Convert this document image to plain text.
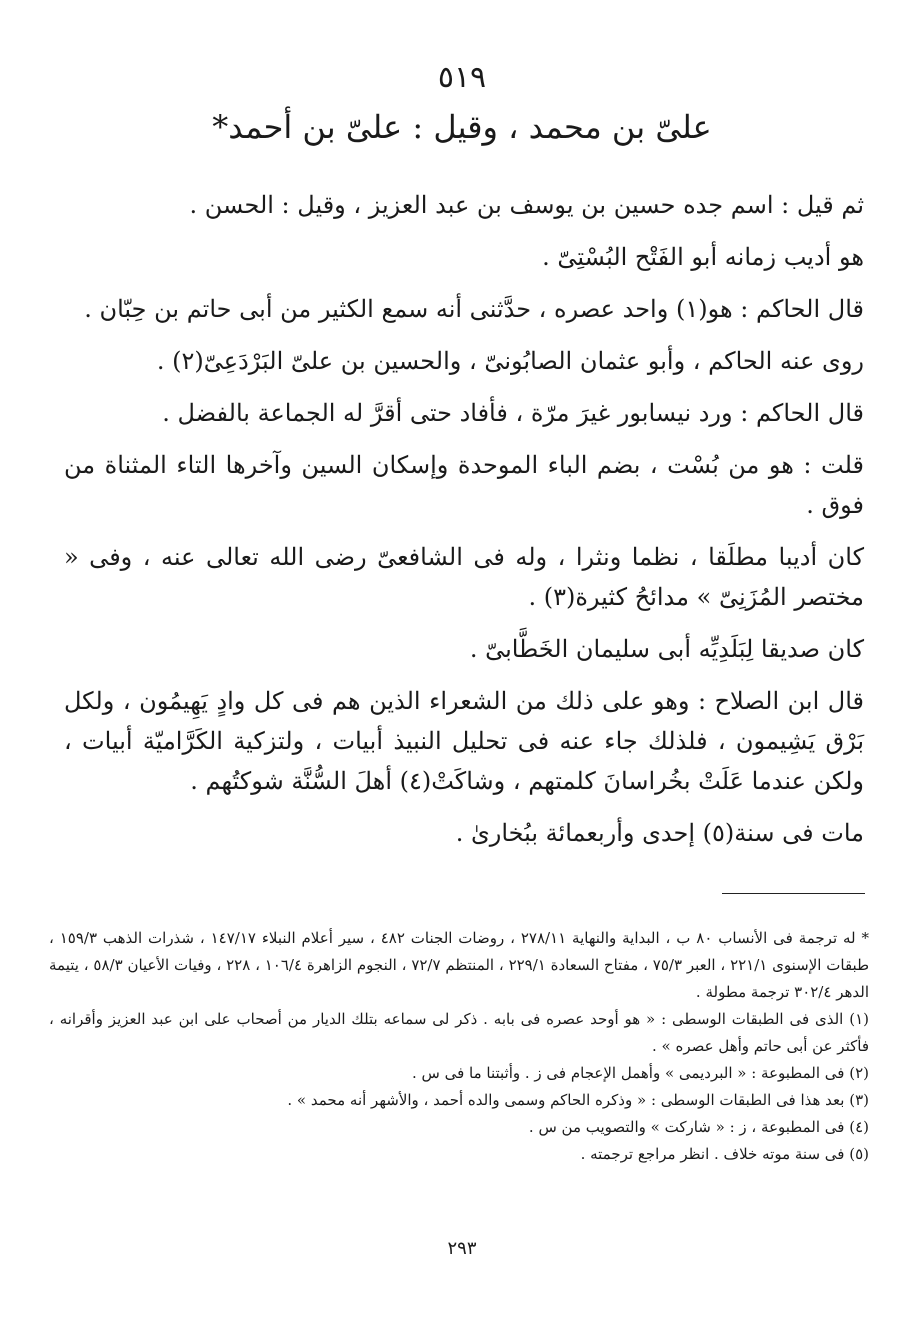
٥١٩
علىّ بن محمد ، وقيل : علىّ بن أحمد*

ثم قيل : اسم جده حسين بن يوسف بن عبد العزيز ، وقيل : الحسن .

هو أديب زمانه أبو الفَتْح البُسْتِىّ .

قال الحاكم : هو(١) واحد عصره ، حدَّثنى أنه سمع الكثير من أبى حاتم بن حِبّان .

روى عنه الحاكم ، وأبو عثمان الصابُونىّ ، والحسين بن علىّ البَرْدَعِىّ(٢) .

قال الحاكم : ورد نيسابور غيرَ مرّة ، فأفاد حتى أقرَّ له الجماعة بالفضل .

قلت : هو من بُسْت ، بضم الباء الموحدة وإسكان السين وآخرها التاء المثناة من فوق .

كان أديبا مطلَقا ، نظما ونثرا ، وله فى الشافعىّ رضى الله تعالى عنه ، وفى « مختصر المُزَنِىّ » مدائحُ كثيرة(٣) .

كان صديقا لِبَلَدِيِّه أبى سليمان الخَطَّابىّ .

قال ابن الصلاح : وهو على ذلك من الشعراء الذين هم فى كل وادٍ يَهِيمُون ، ولكل بَرْق يَشِيمون ، فلذلك جاء عنه فى تحليل النبيذ أبيات ، ولتزكية الكَرَّاميّة أبيات ، ولكن عندما عَلَتْ بخُراسانَ كلمتهم ، وشاكَتْ(٤) أهلَ السُّنَّة شوكتُهم .

مات فى سنة(٥) إحدى وأربعمائة ببُخارىٰ .

* له ترجمة فى الأنساب ٨٠ ب ، البداية والنهاية ٢٧٨/١١ ، روضات الجنات ٤٨٢ ، سير أعلام النبلاء ١٤٧/١٧ ، شذرات الذهب ١٥٩/٣ ، طبقات الإسنوى ٢٢١/١ ، العبر ٧٥/٣ ، مفتاح السعادة ٢٢٩/١ ، المنتظم ٧٢/٧ ، النجوم الزاهرة ١٠٦/٤ ، ٢٢٨ ، وفيات الأعيان ٥٨/٣ ، يتيمة الدهر ٣٠٢/٤ ترجمة مطولة .

(١) الذى فى الطبقات الوسطى : « هو أوحد عصره فى بابه . ذكر لى سماعه بتلك الديار من أصحاب على ابن عبد العزيز وأقرانه ، فأكثر عن أبى حاتم وأهل عصره » .

(٢) فى المطبوعة : « البرديمى » وأهمل الإعجام فى ز . وأثبتنا ما فى س .

(٣) بعد هذا فى الطبقات الوسطى : « وذكره الحاكم وسمى والده أحمد ، والأشهر أنه محمد » .

(٤) فى المطبوعة ، ز : « شاركت » والتصويب من س .

(٥) فى سنة موته خلاف . انظر مراجع ترجمته .

٢٩٣
